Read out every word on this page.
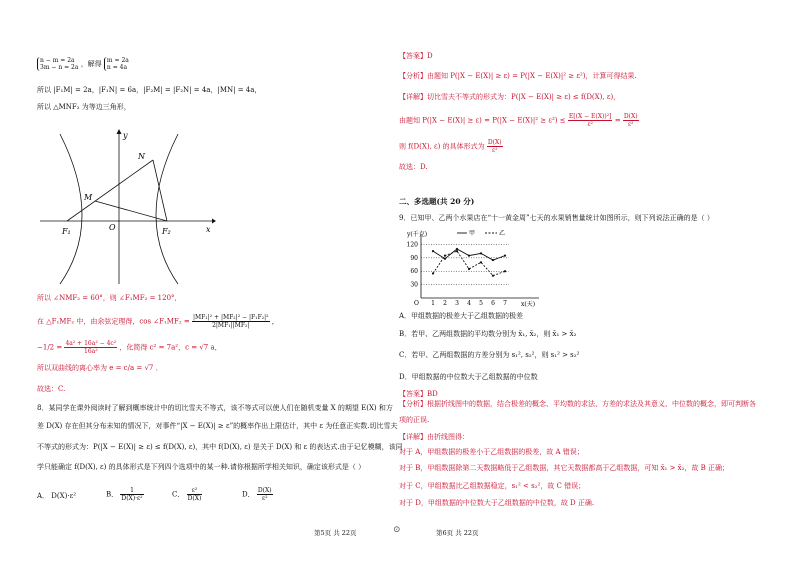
n − m = 2a
3m − n = 2a ，解得 m = 2a
n = 4a
所以 |F₁M| = 2a，|F₁N| = 6a，|F₂M| = |F₂N| = 4a，|MN| = 4a，
所以 △MNF₂ 为等边三角形，
y
N
M
O
F₁	F₂	x
所以 ∠NMF₂ = 60°，则 ∠F₁MF₂ = 120°，
在 △F₁MF₂ 中，由余弦定理得，cos ∠F₁MF₂ = $\frac{\text{|MF₁|² + |MF₂|² − |F₁F₂|²}}{\text{2|MF₁||MF₂|}}$ ，
$-1/2 = \frac{\text{4a² + 16a² − 4c²}}{\text{16a²}}$ ，化简得 c² = 7a²，c = √7 a，
所以双曲线的离心率为 e = c/a = √7 ．
故选：C.
8．某同学在课外阅读时了解到概率统计中的切比雪夫不等式，该不等式可以使人们在随机变量 X 的期望 E(X) 和方
差 D(X) 存在但其分布未知的情况下，对事件“|X − E(X)| ≥ ε”的概率作出上限估计，其中 ε 为任意正实数.切比雪夫
不等式的形式为：P(|X − E(X)| ≥ ε) ≤ f(D(X), ε)，其中 f(D(X), ε) 是关于 D(X) 和 ε 的表达式.由于记忆模糊，该同
学只能确定 f(D(X), ε) 的具体形式是下列四个选项中的某一种.请你根据所学相关知识，确定该形式是（ ）
A． D(X)·ε²	B． $\frac{1}{\text{D(X)·ε²}}$	C． $\frac{\text{ε²}}{D(X)}$	D． $\frac{D(X)}{\text{ε²}}$
【答案】D
【分析】由题知 P(|X − E(X)| ≥ ε) = P(|X − E(X)|² ≥ ε²)，计算可得结果.
【详解】切比雪夫不等式的形式为：P(|X − E(X)| ≥ ε) ≤ f(D(X), ε)，
由题知 $P(|X - E(X)| \ge \varepsilon) = P(|X - E(X)|^2 \ge \varepsilon^2) \le \frac{\text{E[(X − E(X))²]}}{\text{ε²}} = \frac{D(X)}{\text{ε²}}$
则 f(D(X), ε) 的具体形式为 $\frac{D(X)}{\text{ε²}}$
故选：D.
二、多选题(共 20 分)
9．已知甲、乙两个水果店在“十一黄金周”七天的水果销售量统计如图所示，则下列说法正确的是（ ）
O
30
60
90
120
1 2 3 4 5 6 7
y(千克)
x(天)
甲	乙
A．甲组数据的极差大于乙组数据的极差
B．若甲、乙两组数据的平均数分别为 x̄₁, x̄₂，则 x̄₁ > x̄₂
C．若甲、乙两组数据的方差分别为 s₁², s₂²，则 s₁² > s₂²
D．甲组数据的中位数大于乙组数据的中位数
【答案】BD
【分析】根据折线图中的数据，结合极差的概念、平均数的求法、方差的求法及其意义、中位数的概念，即可判断各
项的正误.
【详解】由折线图得：
对于 A，甲组数据的极差小于乙组数据的极差，故 A 错误；
对于 B，甲组数据除第二天数据略低于乙组数据，其它天数据都高于乙组数据，可知 x̄₁ > x̄₂，故 B 正确；
对于 C，甲组数据比乙组数据稳定，s₁² < s₂²，故 C 错误；
对于 D，甲组数据的中位数大于乙组数据的中位数，故 D 正确.
第5页 共 22页	⊙	第6页 共 22页
